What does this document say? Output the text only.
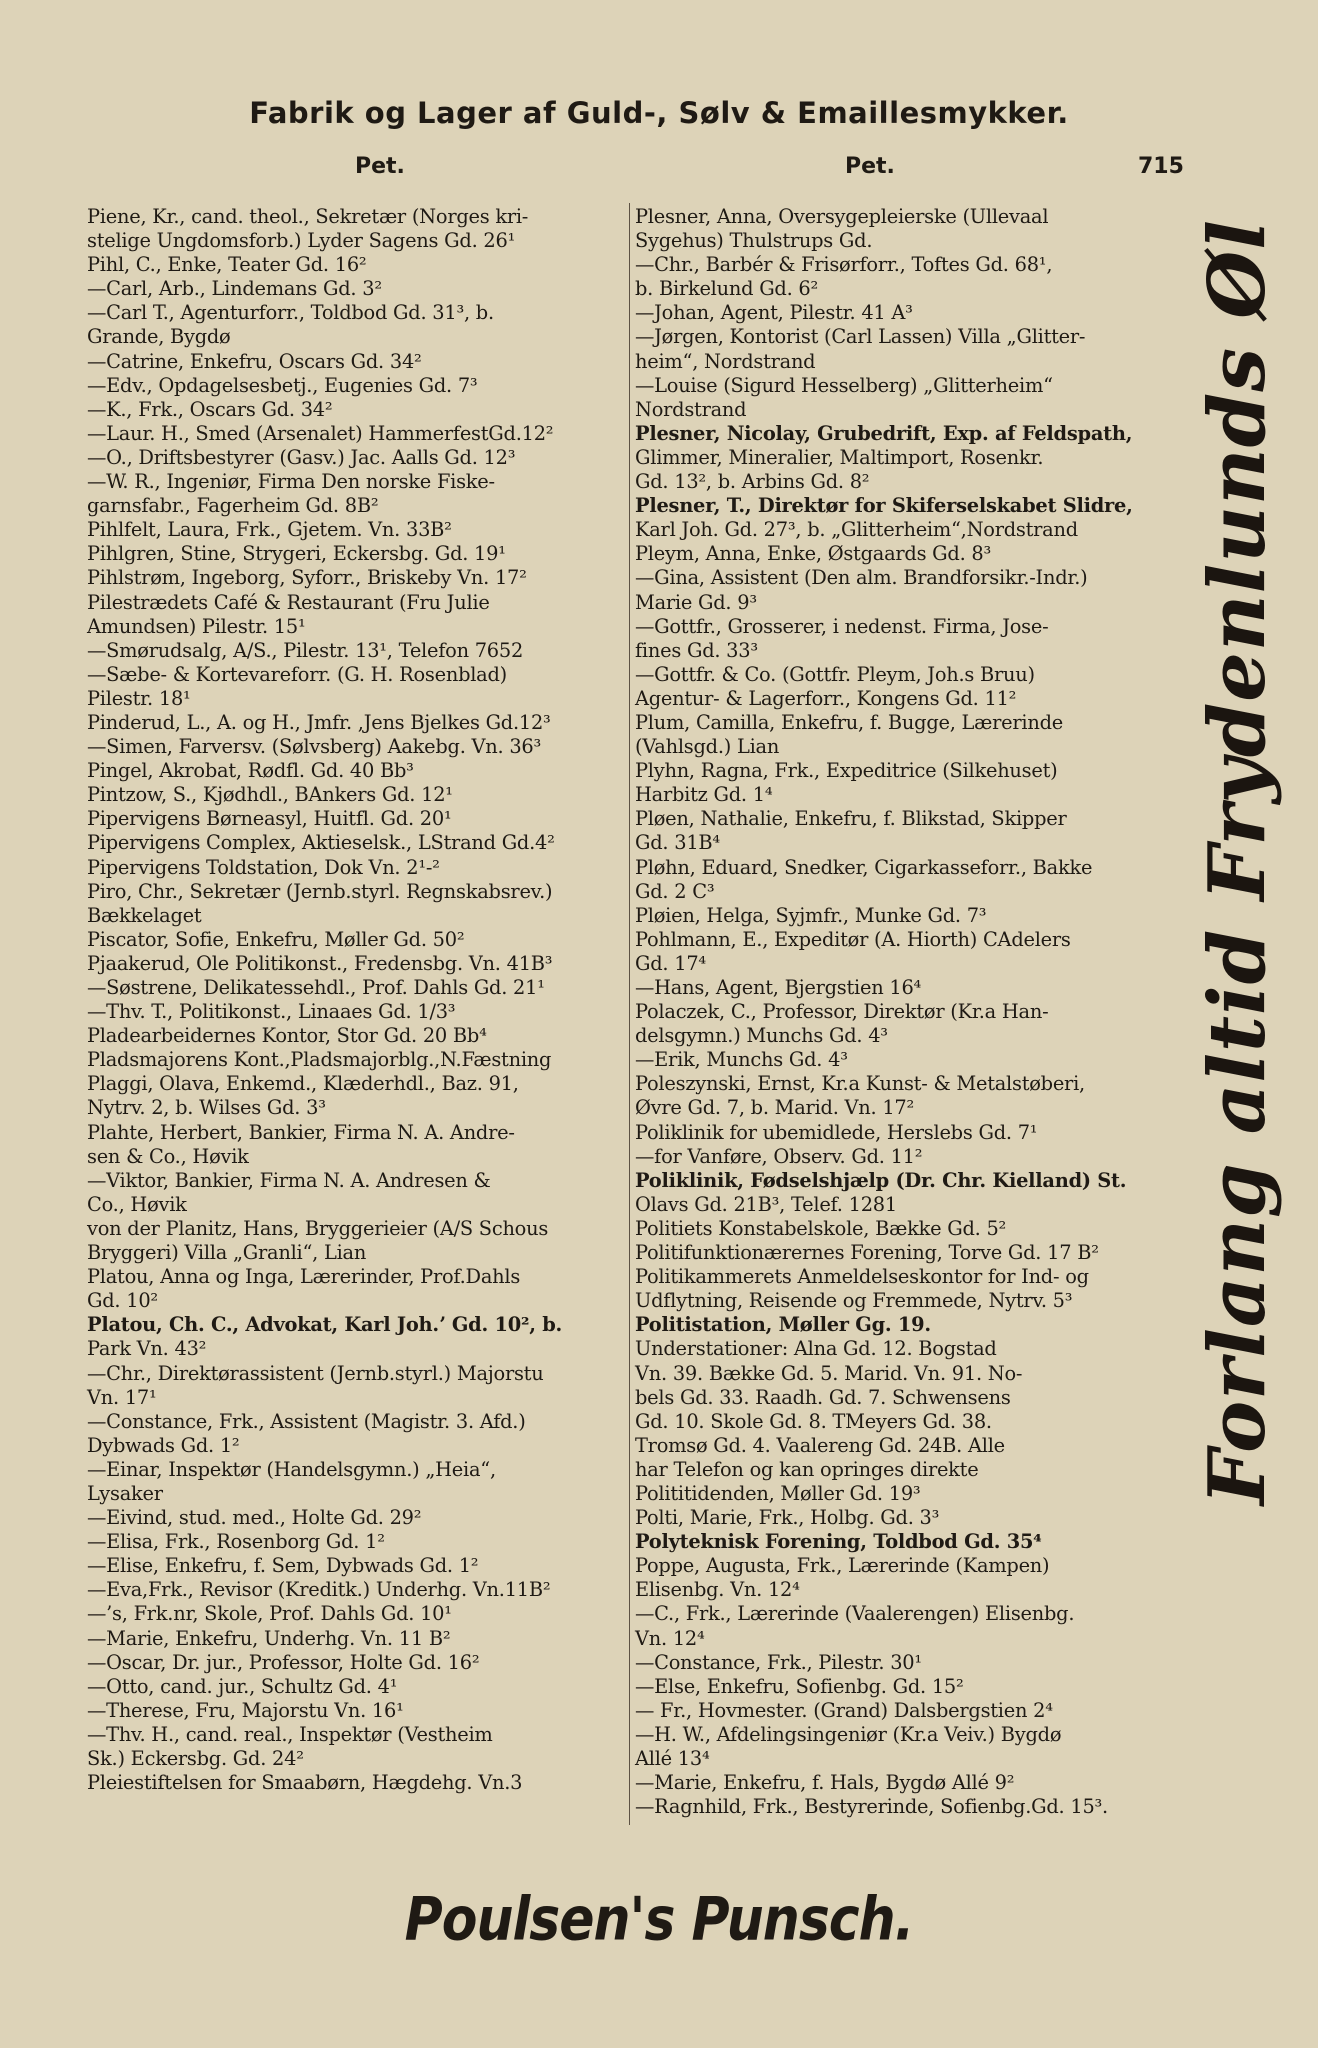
Fabrik og Lager af Guld-, Sølv & Emaillesmykker.
Pet.	Pet.	715
Piene, Kr., cand. theol., Sekretær (Norges kri-
stelige Ungdomsforb.) Lyder Sagens Gd. 26¹
Pihl, C., Enke, Teater Gd. 16²
—Carl, Arb., Lindemans Gd. 3²
—Carl T., Agenturforr., Toldbod Gd. 31³, b.
Grande, Bygdø
—Catrine, Enkefru, Oscars Gd. 34²
—Edv., Opdagelsesbetj., Eugenies Gd. 7³
—K., Frk., Oscars Gd. 34²
—Laur. H., Smed (Arsenalet) HammerfestGd.12²
—O., Driftsbestyrer (Gasv.) Jac. Aalls Gd. 12³
—W. R., Ingeniør, Firma Den norske Fiske-
garnsfabr., Fagerheim Gd. 8B²
Pihlfelt, Laura, Frk., Gjetem. Vn. 33B²
Pihlgren, Stine, Strygeri, Eckersbg. Gd. 19¹
Pihlstrøm, Ingeborg, Syforr., Briskeby Vn. 17²
Pilestrædets Café & Restaurant (Fru Julie
Amundsen) Pilestr. 15¹
—Smørudsalg, A/S., Pilestr. 13¹, Telefon 7652
—Sæbe- & Kortevareforr. (G. H. Rosenblad)
Pilestr. 18¹
Pinderud, L., A. og H., Jmfr. ,Jens Bjelkes Gd.12³
—Simen, Farversv. (Sølvsberg) Aakebg. Vn. 36³
Pingel, Akrobat, Rødfl. Gd. 40 Bb³
Pintzow, S., Kjødhdl., BAnkers Gd. 12¹
Pipervigens Børneasyl, Huitfl. Gd. 20¹
Pipervigens Complex, Aktieselsk., LStrand Gd.4²
Pipervigens Toldstation, Dok Vn. 2¹-²
Piro, Chr., Sekretær (Jernb.styrl. Regnskabsrev.)
Bækkelaget
Piscator, Sofie, Enkefru, Møller Gd. 50²
Pjaakerud, Ole Politikonst., Fredensbg. Vn. 41B³
—Søstrene, Delikatessehdl., Prof. Dahls Gd. 21¹
—Thv. T., Politikonst., Linaaes Gd. 1/3³
Pladearbeidernes Kontor, Stor Gd. 20 Bb⁴
Pladsmajorens Kont.,Pladsmajorblg.,N.Fæstning
Plaggi, Olava, Enkemd., Klæderhdl., Baz. 91,
Nytrv. 2, b. Wilses Gd. 3³
Plahte, Herbert, Bankier, Firma N. A. Andre-
sen & Co., Høvik
—Viktor, Bankier, Firma N. A. Andresen &
Co., Høvik
von der Planitz, Hans, Bryggerieier (A/S Schous
Bryggeri) Villa „Granli“, Lian
Platou, Anna og Inga, Lærerinder, Prof.Dahls
Gd. 10²
Platou, Ch. C., Advokat, Karl Joh.ʼ Gd. 10², b.
Park Vn. 43²
—Chr., Direktørassistent (Jernb.styrl.) Majorstu
Vn. 17¹
—Constance, Frk., Assistent (Magistr. 3. Afd.)
Dybwads Gd. 1²
—Einar, Inspektør (Handelsgymn.) „Heia“,
Lysaker
—Eivind, stud. med., Holte Gd. 29²
—Elisa, Frk., Rosenborg Gd. 1²
—Elise, Enkefru, f. Sem, Dybwads Gd. 1²
—Eva,Frk., Revisor (Kreditk.) Underhg. Vn.11B²
—’s, Frk.nr, Skole, Prof. Dahls Gd. 10¹
—Marie, Enkefru, Underhg. Vn. 11 B²
—Oscar, Dr. jur., Professor, Holte Gd. 16²
—Otto, cand. jur., Schultz Gd. 4¹
—Therese, Fru, Majorstu Vn. 16¹
—Thv. H., cand. real., Inspektør (Vestheim
Sk.) Eckersbg. Gd. 24²
Pleiestiftelsen for Smaabørn, Hægdehg. Vn.3
Plesner, Anna, Oversygepleierske (Ullevaal
Sygehus) Thulstrups Gd.
—Chr., Barbér & Frisørforr., Toftes Gd. 68¹,
b. Birkelund Gd. 6²
—Johan, Agent, Pilestr. 41 A³
—Jørgen, Kontorist (Carl Lassen) Villa „Glitter-
heim“, Nordstrand
—Louise (Sigurd Hesselberg) „Glitterheim“
Nordstrand
Plesner, Nicolay, Grubedrift, Exp. af Feldspath,
Glimmer, Mineralier, Maltimport, Rosenkr.
Gd. 13², b. Arbins Gd. 8²
Plesner, T., Direktør for Skiferselskabet Slidre,
Karl Joh. Gd. 27³, b. „Glitterheim“,Nordstrand
Pleym, Anna, Enke, Østgaards Gd. 8³
—Gina, Assistent (Den alm. Brandforsikr.-Indr.)
Marie Gd. 9³
—Gottfr., Grosserer, i nedenst. Firma, Jose-
fines Gd. 33³
—Gottfr. & Co. (Gottfr. Pleym, Joh.s Bruu)
Agentur- & Lagerforr., Kongens Gd. 11²
Plum, Camilla, Enkefru, f. Bugge, Lærerinde
(Vahlsgd.) Lian
Plyhn, Ragna, Frk., Expeditrice (Silkehuset)
Harbitz Gd. 1⁴
Pløen, Nathalie, Enkefru, f. Blikstad, Skipper
Gd. 31B⁴
Pløhn, Eduard, Snedker, Cigarkasseforr., Bakke
Gd. 2 C³
Pløien, Helga, Syjmfr., Munke Gd. 7³
Pohlmann, E., Expeditør (A. Hiorth) CAdelers
Gd. 17⁴
—Hans, Agent, Bjergstien 16⁴
Polaczek, C., Professor, Direktør (Kr.a Han-
delsgymn.) Munchs Gd. 4³
—Erik, Munchs Gd. 4³
Poleszynski, Ernst, Kr.a Kunst- & Metalstøberi,
Øvre Gd. 7, b. Marid. Vn. 17²
Poliklinik for ubemidlede, Herslebs Gd. 7¹
—for Vanføre, Observ. Gd. 11²
Poliklinik, Fødselshjælp (Dr. Chr. Kielland) St.
Olavs Gd. 21B³, Telef. 1281
Politiets Konstabelskole, Bække Gd. 5²
Politifunktionærernes Forening, Torve Gd. 17 B²
Politikammerets Anmeldelseskontor for Ind- og
Udflytning, Reisende og Fremmede, Nytrv. 5³
Politistation, Møller Gg. 19.
Understationer: Alna Gd. 12. Bogstad
Vn. 39. Bække Gd. 5. Marid. Vn. 91. No-
bels Gd. 33. Raadh. Gd. 7. Schwensens
Gd. 10. Skole Gd. 8. TMeyers Gd. 38.
Tromsø Gd. 4. Vaalereng Gd. 24B. Alle
har Telefon og kan opringes direkte
Polititidenden, Møller Gd. 19³
Polti, Marie, Frk., Holbg. Gd. 3³
Polyteknisk Forening, Toldbod Gd. 35⁴
Poppe, Augusta, Frk., Lærerinde (Kampen)
Elisenbg. Vn. 12⁴
—C., Frk., Lærerinde (Vaalerengen) Elisenbg.
Vn. 12⁴
—Constance, Frk., Pilestr. 30¹
—Else, Enkefru, Sofienbg. Gd. 15²
— Fr., Hovmester. (Grand) Dalsbergstien 2⁴
—H. W., Afdelingsingeniør (Kr.a Veiv.) Bygdø
Allé 13⁴
—Marie, Enkefru, f. Hals, Bygdø Allé 9²
—Ragnhild, Frk., Bestyrerinde, Sofienbg.Gd. 15³.
Forlang altid Frydenlunds Øl
Poulsen's Punsch.
